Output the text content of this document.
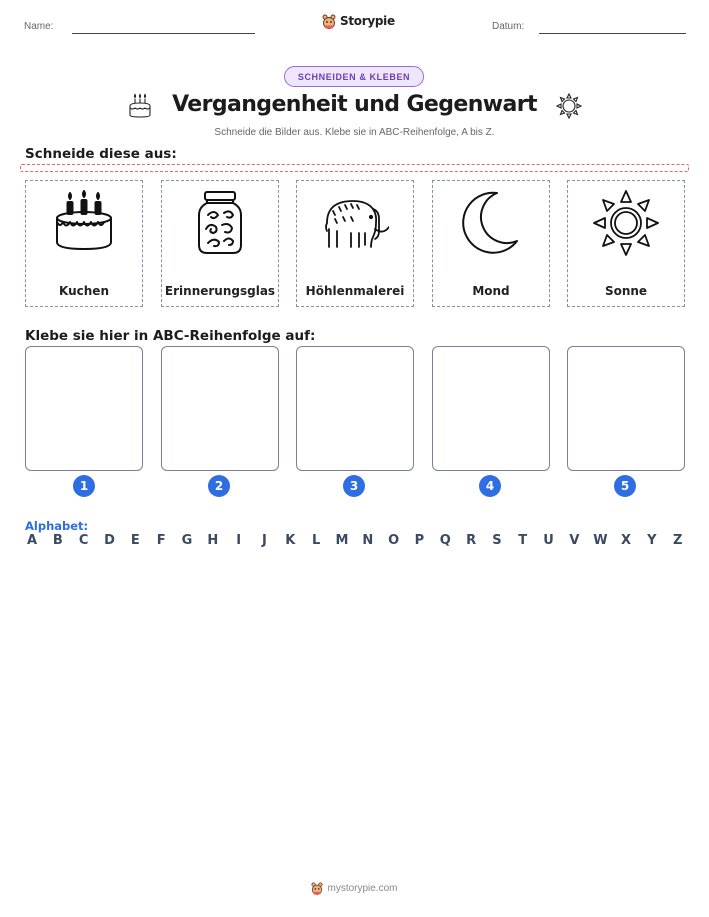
Name:	Storypie	Datum:
SCHNEIDEN & KLEBEN
Vergangenheit und Gegenwart
Schneide die Bilder aus. Klebe sie in ABC-Reihenfolge, A bis Z.
Schneide diese aus:
Kuchen	Erinnerungsglas	Höhlenmalerei	Mond	Sonne
Klebe sie hier in ABC-Reihenfolge auf:
1	2	3	4	5
Alphabet:
A B C D E F G H	I	J	K L M N O P Q R S T U V W X Y Z
mystorypie.com
